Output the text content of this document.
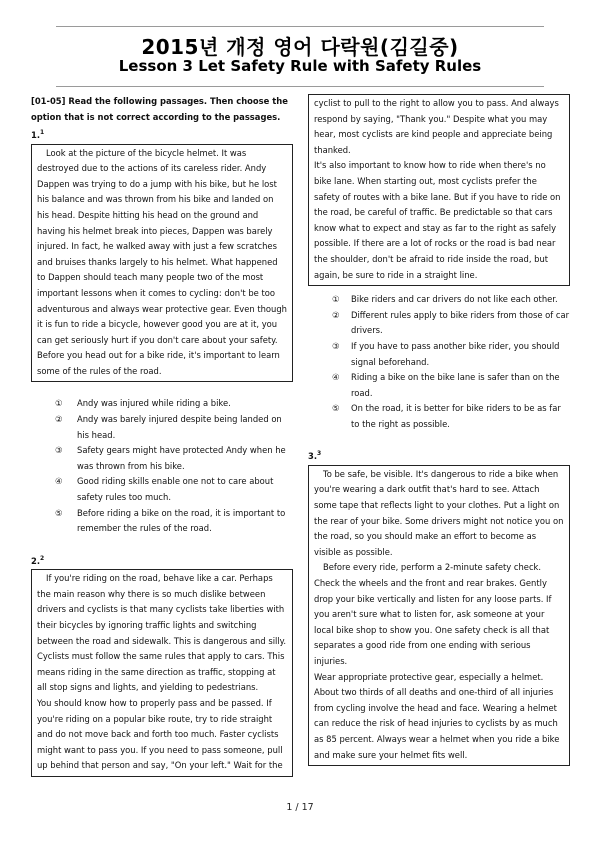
2015년 개정 영어 다락원(김길중)
Lesson 3 Let Safety Rule with Safety Rules

[01-05] Read the following passages. Then choose the option that is not correct according to the passages.

1.$^1$

Look at the picture of the bicycle helmet. It was destroyed due to the actions of its careless rider. Andy Dappen was trying to do a jump with his bike, but he lost his balance and was thrown from his bike and landed on his head. Despite hitting his head on the ground and having his helmet break into pieces, Dappen was barely injured. In fact, he walked away with just a few scratches and bruises thanks largely to his helmet. What happened to Dappen should teach many people two of the most important lessons when it comes to cycling: don't be too adventurous and always wear protective gear. Even though it is fun to ride a bicycle, however good you are at it, you can get seriously hurt if you don't care about your safety. Before you head out for a bike ride, it's important to learn some of the rules of the road.

① Andy was injured while riding a bike.
② Andy was barely injured despite being landed on his head.
③ Safety gears might have protected Andy when he was thrown from his bike.
④ Good riding skills enable one not to care about safety rules too much.
⑤ Before riding a bike on the road, it is important to remember the rules of the road.
2.$^2$

If you're riding on the road, behave like a car. Perhaps the main reason why there is so much dislike between drivers and cyclists is that many cyclists take liberties with their bicycles by ignoring traffic lights and switching between the road and sidewalk. This is dangerous and silly. Cyclists must follow the same rules that apply to cars. This means riding in the same direction as traffic, stopping at all stop signs and lights, and yielding to pedestrians.

You should know how to properly pass and be passed. If you're riding on a popular bike route, try to ride straight and do not move back and forth too much. Faster cyclists might want to pass you. If you need to pass someone, pull up behind that person and say, "On your left." Wait for the

cyclist to pull to the right to allow you to pass. And always respond by saying, "Thank you." Despite what you may hear, most cyclists are kind people and appreciate being thanked.

It's also important to know how to ride when there's no bike lane. When starting out, most cyclists prefer the safety of routes with a bike lane. But if you have to ride on the road, be careful of traffic. Be predictable so that cars know what to expect and stay as far to the right as safely possible. If there are a lot of rocks or the road is bad near the shoulder, don't be afraid to ride inside the road, but again, be sure to ride in a straight line.

① Bike riders and car drivers do not like each other.
② Different rules apply to bike riders from those of car drivers.
③ If you have to pass another bike rider, you should signal beforehand.
④ Riding a bike on the bike lane is safer than on the road.
⑤ On the road, it is better for bike riders to be as far to the right as possible.
3.$^3$

To be safe, be visible. It's dangerous to ride a bike when you're wearing a dark outfit that's hard to see. Attach some tape that reflects light to your clothes. Put a light on the rear of your bike. Some drivers might not notice you on the road, so you should make an effort to become as visible as possible.

Before every ride, perform a 2-minute safety check. Check the wheels and the front and rear brakes. Gently drop your bike vertically and listen for any loose parts. If you aren't sure what to listen for, ask someone at your local bike shop to show you. One safety check is all that separates a good ride from one ending with serious injuries.

Wear appropriate protective gear, especially a helmet. About two thirds of all deaths and one-third of all injuries from cycling involve the head and face. Wearing a helmet can reduce the risk of head injuries to cyclists by as much as 85 percent. Always wear a helmet when you ride a bike and make sure your helmet fits well.

1 / 17
